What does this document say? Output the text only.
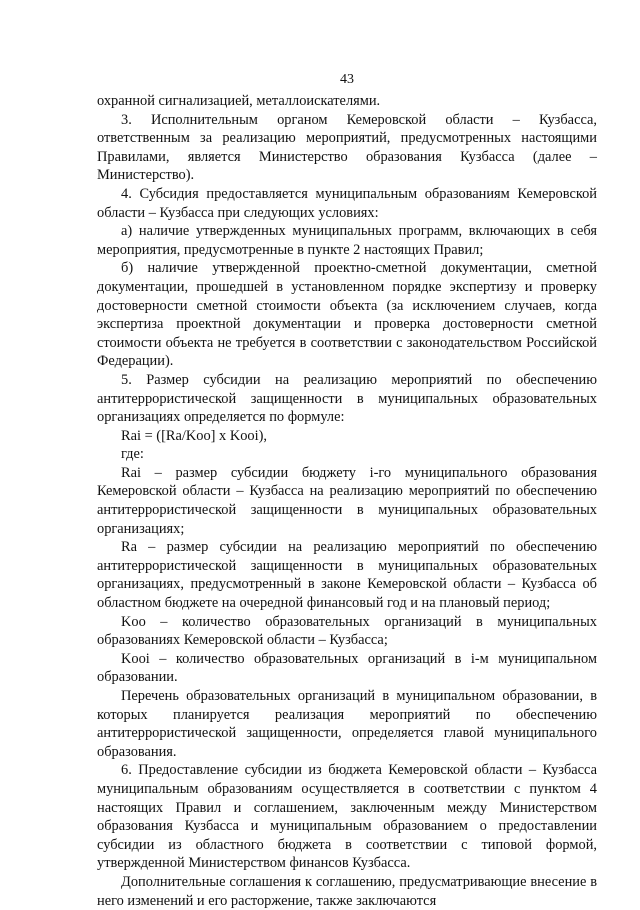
43

охранной сигнализацией, металлоискателями.

3. Исполнительным органом Кемеровской области – Кузбасса, ответственным за реализацию мероприятий, предусмотренных настоящими Правилами, является Министерство образования Кузбасса (далее – Министерство).

4. Субсидия предоставляется муниципальным образованиям Кемеровской области – Кузбасса при следующих условиях:

а) наличие утвержденных муниципальных программ, включающих в себя мероприятия, предусмотренные в пункте 2 настоящих Правил;

б) наличие утвержденной проектно-сметной документации, сметной документации, прошедшей в установленном порядке экспертизу и проверку достоверности сметной стоимости объекта (за исключением случаев, когда экспертиза проектной документации и проверка достоверности сметной стоимости объекта не требуется в соответствии с законодательством Российской Федерации).

5. Размер субсидии на реализацию мероприятий по обеспечению антитеррористической защищенности в муниципальных образовательных организациях определяется по формуле:

Rai = ([Ra/Koo] x Kooi),

где:

Rai – размер субсидии бюджету i-го муниципального образования Кемеровской области – Кузбасса на реализацию мероприятий по обеспечению антитеррористической защищенности в муниципальных образовательных организациях;

Ra – размер субсидии на реализацию мероприятий по обеспечению антитеррористической защищенности в муниципальных образовательных организациях, предусмотренный в законе Кемеровской области – Кузбасса об областном бюджете на очередной финансовый год и на плановый период;

Koo – количество образовательных организаций в муниципальных образованиях Кемеровской области – Кузбасса;

Kooi – количество образовательных организаций в i-м муниципальном образовании.

Перечень образовательных организаций в муниципальном образовании, в которых планируется реализация мероприятий по обеспечению антитеррористической защищенности, определяется главой муниципального образования.

6. Предоставление субсидии из бюджета Кемеровской области – Кузбасса муниципальным образованиям осуществляется в соответствии с пунктом 4 настоящих Правил и соглашением, заключенным между Министерством образования Кузбасса и муниципальным образованием о предоставлении субсидии из областного бюджета в соответствии с типовой формой, утвержденной Министерством финансов Кузбасса.

Дополнительные соглашения к соглашению, предусматривающие внесение в него изменений и его расторжение, также заключаются
